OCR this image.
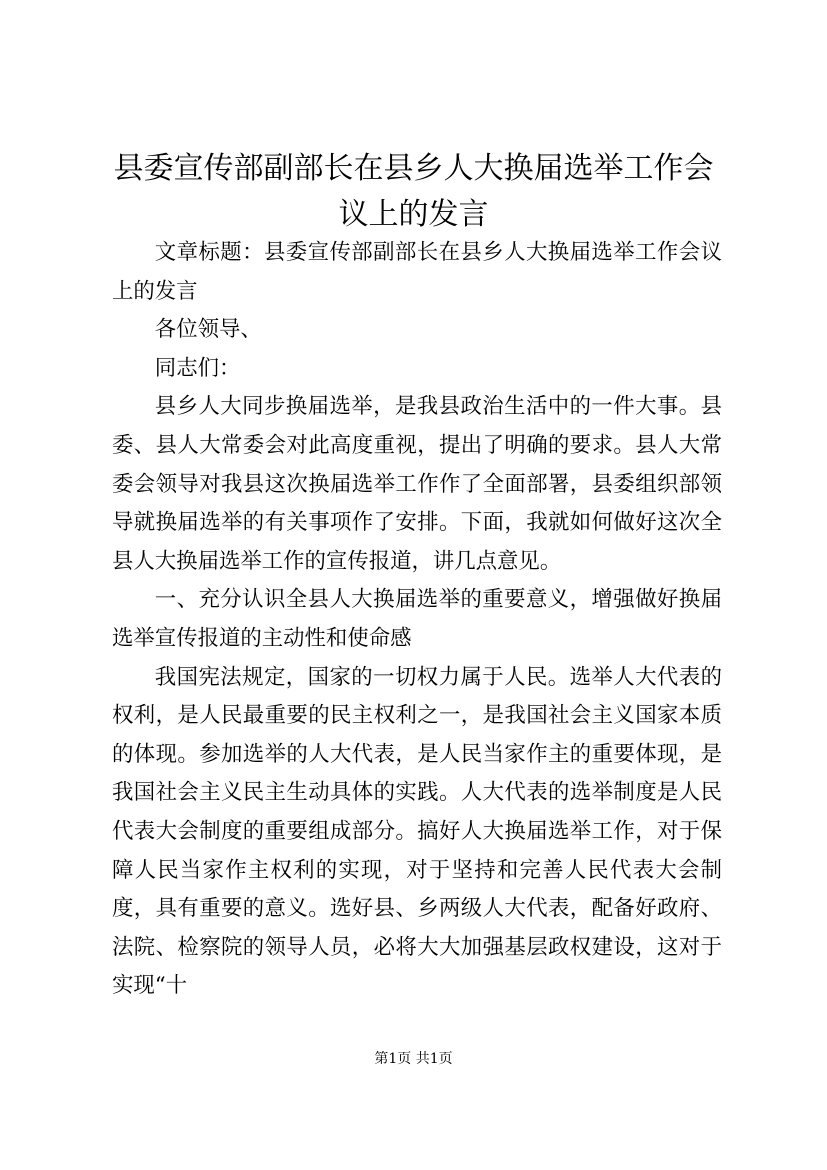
县委宣传部副部长在县乡人大换届选举工作会
议上的发言

文章标题：县委宣传部副部长在县乡人大换届选举工作会议上的发言

各位领导、

同志们：

县乡人大同步换届选举，是我县政治生活中的一件大事。县委、县人大常委会对此高度重视，提出了明确的要求。县人大常委会领导对我县这次换届选举工作作了全面部署，县委组织部领导就换届选举的有关事项作了安排。下面，我就如何做好这次全县人大换届选举工作的宣传报道，讲几点意见。

一、充分认识全县人大换届选举的重要意义，增强做好换届选举宣传报道的主动性和使命感

我国宪法规定，国家的一切权力属于人民。选举人大代表的权利，是人民最重要的民主权利之一，是我国社会主义国家本质的体现。参加选举的人大代表，是人民当家作主的重要体现，是我国社会主义民主生动具体的实践。人大代表的选举制度是人民代表大会制度的重要组成部分。搞好人大换届选举工作，对于保障人民当家作主权利的实现，对于坚持和完善人民代表大会制度，具有重要的意义。选好县、乡两级人大代表，配备好政府、法院、检察院的领导人员，必将大大加强基层政权建设，这对于实现“十

第1页 共1页
